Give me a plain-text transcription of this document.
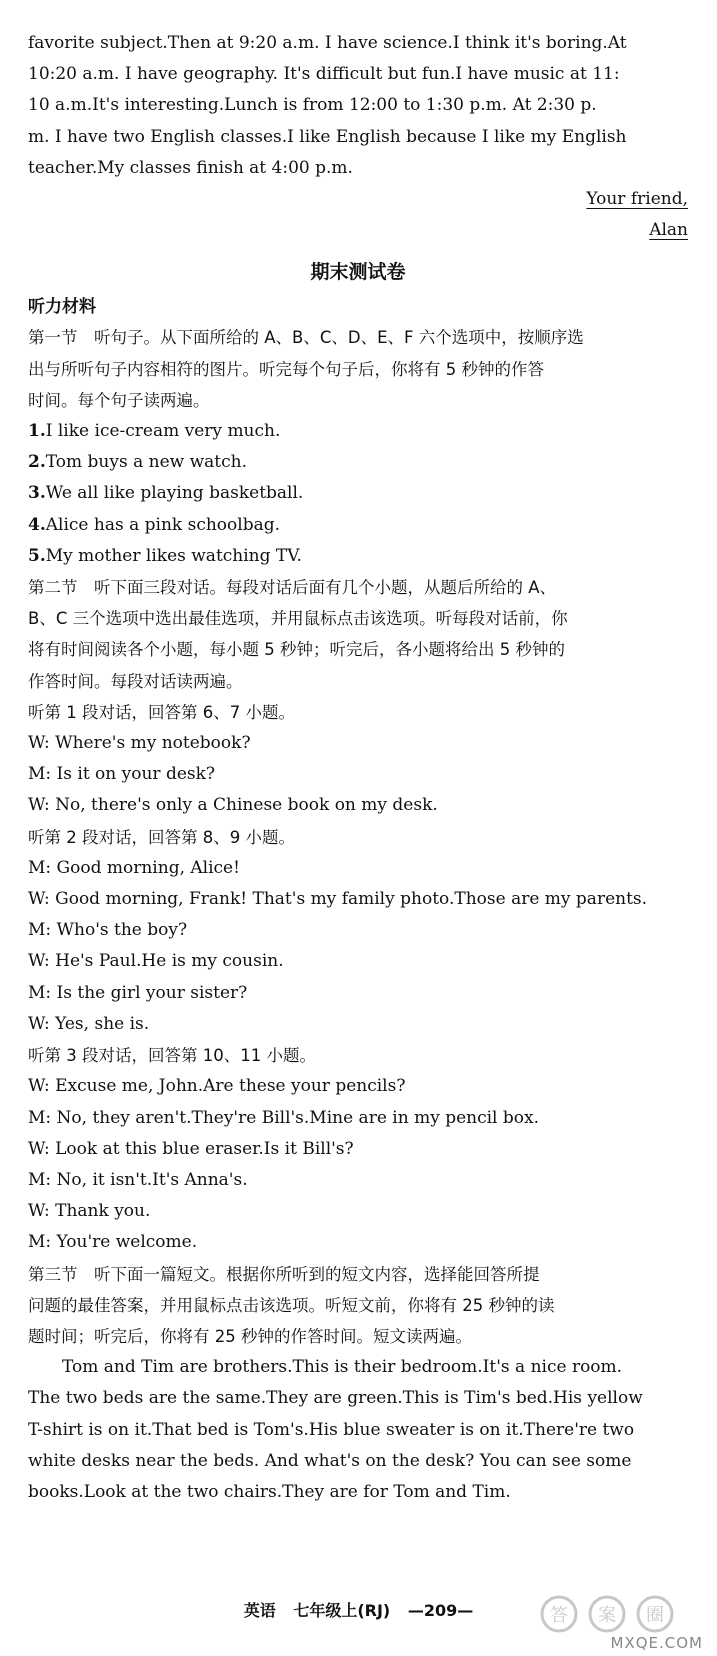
favorite subject.Then at 9:20 a.m. I have science.I think it's boring.At
10:20 a.m. I have geography. It's difficult but fun.I have music at 11:
10 a.m.It's interesting.Lunch is from 12:00 to 1:30 p.m. At 2:30 p.
m. I have two English classes.I like English because I like my English
teacher.My classes finish at 4:00 p.m.
Your friend,
Alan
期末测试卷
听力材料
第一节　听句子。从下面所给的 A、B、C、D、E、F 六个选项中，按顺序选
出与所听句子内容相符的图片。听完每个句子后，你将有 5 秒钟的作答
时间。每个句子读两遍。
1.I like ice-cream very much.
2.Tom buys a new watch.
3.We all like playing basketball.
4.Alice has a pink schoolbag.
5.My mother likes watching TV.
第二节　听下面三段对话。每段对话后面有几个小题，从题后所给的 A、
B、C 三个选项中选出最佳选项，并用鼠标点击该选项。听每段对话前，你
将有时间阅读各个小题，每小题 5 秒钟；听完后，各小题将给出 5 秒钟的
作答时间。每段对话读两遍。
听第 1 段对话，回答第 6、7 小题。
W: Where's my notebook?
M: Is it on your desk?
W: No, there's only a Chinese book on my desk.
听第 2 段对话，回答第 8、9 小题。
M: Good morning, Alice!
W: Good morning, Frank! That's my family photo.Those are my parents.
M: Who's the boy?
W: He's Paul.He is my cousin.
M: Is the girl your sister?
W: Yes, she is.
听第 3 段对话，回答第 10、11 小题。
W: Excuse me, John.Are these your pencils?
M: No, they aren't.They're Bill's.Mine are in my pencil box.
W: Look at this blue eraser.Is it Bill's?
M: No, it isn't.It's Anna's.
W: Thank you.
M: You're welcome.
第三节　听下面一篇短文。根据你所听到的短文内容，选择能回答所提
问题的最佳答案，并用鼠标点击该选项。听短文前，你将有 25 秒钟的读
题时间；听完后，你将有 25 秒钟的作答时间。短文读两遍。
Tom and Tim are brothers.This is their bedroom.It's a nice room.
The two beds are the same.They are green.This is Tim's bed.His yellow
T-shirt is on it.That bed is Tom's.His blue sweater is on it.There're two
white desks near the beds. And what's on the desk? You can see some
books.Look at the two chairs.They are for Tom and Tim.
英语 七年级上(RJ) —209—	答 案 圈
MXQE.COM
